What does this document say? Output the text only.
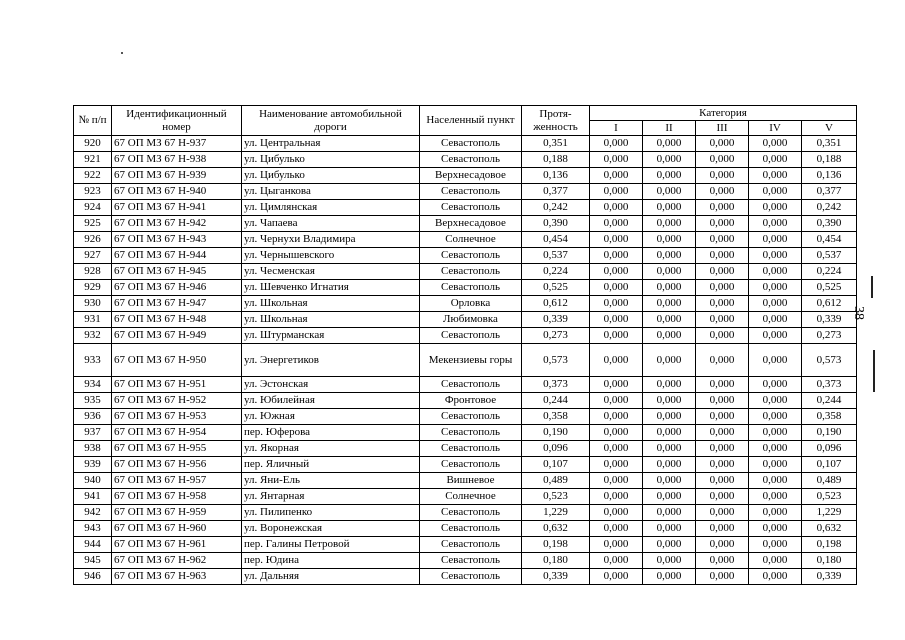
№ п/п	Идентификационный номер	Наименование автомобильной дороги	Населенный пункт	Протя-женность	Категория				
					I	II	III	IV	V
920	67 ОП МЗ 67 Н-937	ул. Центральная	Севастополь	0,351	0,000	0,000	0,000	0,000	0,351
921	67 ОП МЗ 67 Н-938	ул. Цибулько	Севастополь	0,188	0,000	0,000	0,000	0,000	0,188
922	67 ОП МЗ 67 Н-939	ул. Цибулько	Верхнесадовое	0,136	0,000	0,000	0,000	0,000	0,136
923	67 ОП МЗ 67 Н-940	ул. Цыганкова	Севастополь	0,377	0,000	0,000	0,000	0,000	0,377
924	67 ОП МЗ 67 Н-941	ул. Цимлянская	Севастополь	0,242	0,000	0,000	0,000	0,000	0,242
925	67 ОП МЗ 67 Н-942	ул. Чапаева	Верхнесадовое	0,390	0,000	0,000	0,000	0,000	0,390
926	67 ОП МЗ 67 Н-943	ул. Чернухи Владимира	Солнечное	0,454	0,000	0,000	0,000	0,000	0,454
927	67 ОП МЗ 67 Н-944	ул. Чернышевского	Севастополь	0,537	0,000	0,000	0,000	0,000	0,537
928	67 ОП МЗ 67 Н-945	ул. Чесменская	Севастополь	0,224	0,000	0,000	0,000	0,000	0,224
929	67 ОП МЗ 67 Н-946	ул. Шевченко Игнатия	Севастополь	0,525	0,000	0,000	0,000	0,000	0,525
930	67 ОП МЗ 67 Н-947	ул. Школьная	Орловка	0,612	0,000	0,000	0,000	0,000	0,612
931	67 ОП МЗ 67 Н-948	ул. Школьная	Любимовка	0,339	0,000	0,000	0,000	0,000	0,339
932	67 ОП МЗ 67 Н-949	ул. Штурманская	Севастополь	0,273	0,000	0,000	0,000	0,000	0,273
933	67 ОП МЗ 67 Н-950	ул. Энергетиков	Мекензиевы горы	0,573	0,000	0,000	0,000	0,000	0,573
934	67 ОП МЗ 67 Н-951	ул. Эстонская	Севастополь	0,373	0,000	0,000	0,000	0,000	0,373
935	67 ОП МЗ 67 Н-952	ул. Юбилейная	Фронтовое	0,244	0,000	0,000	0,000	0,000	0,244
936	67 ОП МЗ 67 Н-953	ул. Южная	Севастополь	0,358	0,000	0,000	0,000	0,000	0,358
937	67 ОП МЗ 67 Н-954	пер. Юферова	Севастополь	0,190	0,000	0,000	0,000	0,000	0,190
938	67 ОП МЗ 67 Н-955	ул. Якорная	Севастополь	0,096	0,000	0,000	0,000	0,000	0,096
939	67 ОП МЗ 67 Н-956	пер. Яличный	Севастополь	0,107	0,000	0,000	0,000	0,000	0,107
940	67 ОП МЗ 67 Н-957	ул. Яни-Ель	Вишневое	0,489	0,000	0,000	0,000	0,000	0,489
941	67 ОП МЗ 67 Н-958	ул. Янтарная	Солнечное	0,523	0,000	0,000	0,000	0,000	0,523
942	67 ОП МЗ 67 Н-959	ул. Пилипенко	Севастополь	1,229	0,000	0,000	0,000	0,000	1,229
943	67 ОП МЗ 67 Н-960	ул. Воронежская	Севастополь	0,632	0,000	0,000	0,000	0,000	0,632
944	67 ОП МЗ 67 Н-961	пер. Галины Петровой	Севастополь	0,198	0,000	0,000	0,000	0,000	0,198
945	67 ОП МЗ 67 Н-962	пер. Юдина	Севастополь	0,180	0,000	0,000	0,000	0,000	0,180
946	67 ОП МЗ 67 Н-963	ул. Дальняя	Севастополь	0,339	0,000	0,000	0,000	0,000	0,339
38
